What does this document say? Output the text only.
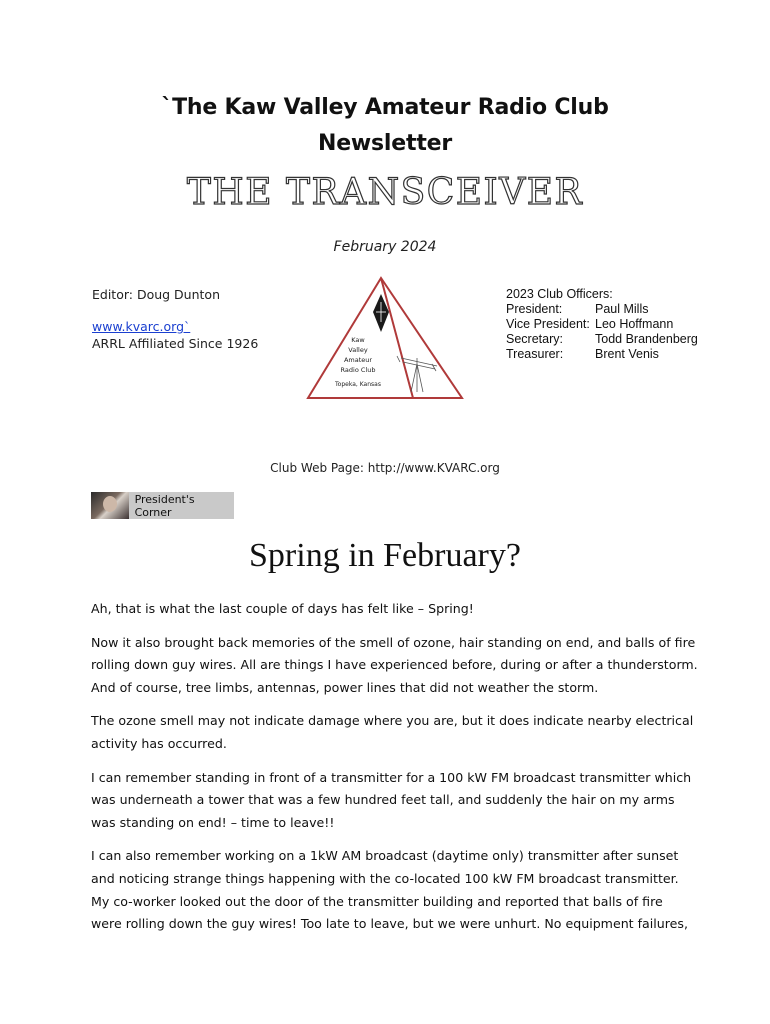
`The Kaw Valley Amateur Radio Club
Newsletter
THE TRANSCEIVER
February 2024
Editor: Doug Dunton
www.kvarc.org`
ARRL Affiliated Since 1926	Kaw
Valley
Amateur
Radio Club
Topeka, Kansas
2023 Club Officers:
President:	Paul Mills
Vice President: Leo Hoffmann
Secretary:	Todd Brandenberg
Treasurer:	Brent Venis
Club Web Page: http://www.KVARC.org
President's Corner
Spring in February?

Ah, that is what the last couple of days has felt like – Spring!

Now it also brought back memories of the smell of ozone, hair standing on end, and balls of fire
rolling down guy wires. All are things I have experienced before, during or after a thunderstorm.
And of course, tree limbs, antennas, power lines that did not weather the storm.

The ozone smell may not indicate damage where you are, but it does indicate nearby electrical
activity has occurred.

I can remember standing in front of a transmitter for a 100 kW FM broadcast transmitter which
was underneath a tower that was a few hundred feet tall, and suddenly the hair on my arms
was standing on end! – time to leave!!

I can also remember working on a 1kW AM broadcast (daytime only) transmitter after sunset
and noticing strange things happening with the co-located 100 kW FM broadcast transmitter.
My co-worker looked out the door of the transmitter building and reported that balls of fire
were rolling down the guy wires! Too late to leave, but we were unhurt. No equipment failures,
